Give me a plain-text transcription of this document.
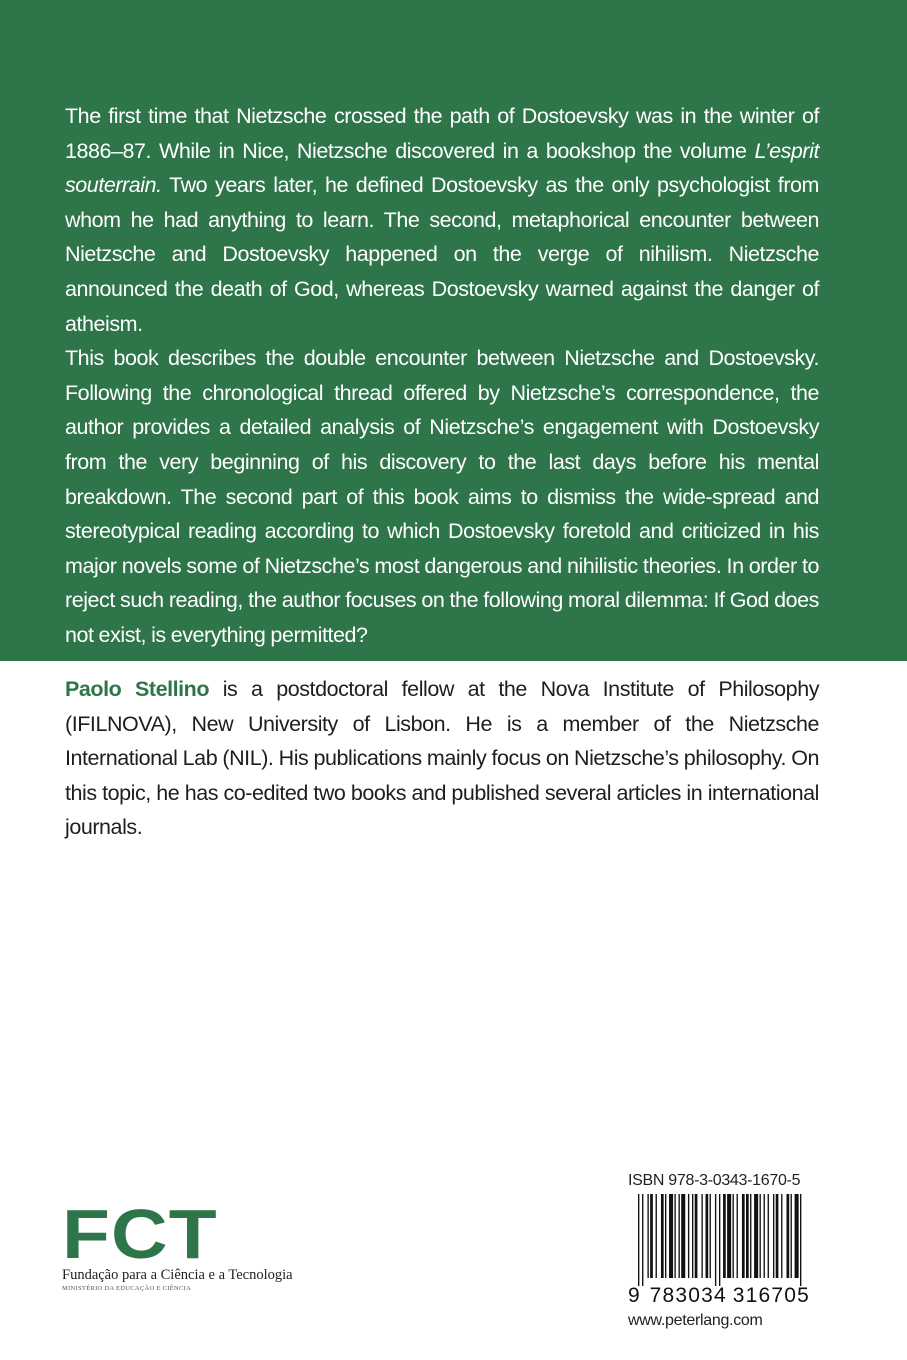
The first time that Nietzsche crossed the path of Dostoevsky was in the winter of 1886–87. While in Nice, Nietzsche discovered in a bookshop the volume L’esprit souterrain. Two years later, he defined Dostoevsky as the only psychologist from whom he had anything to learn. The second, metaphorical encounter between Nietzsche and Dostoevsky happened on the verge of nihilism. Nietzsche announced the death of God, whereas Dostoevsky warned against the danger of atheism.

This book describes the double encounter between Nietzsche and Dostoevsky. Following the chronological thread offered by Nietzsche’s correspondence, the author provides a detailed analysis of Nietzsche’s engagement with Dostoevsky from the very beginning of his discovery to the last days before his mental breakdown. The second part of this book aims to dismiss the wide-spread and stereotypical reading according to which Dostoevsky foretold and criticized in his major novels some of Nietzsche’s most dangerous and nihilistic theories. In order to reject such reading, the author focuses on the following moral dilemma: If God does not exist, is everything permitted?

Paolo Stellino is a postdoctoral fellow at the Nova Institute of Philosophy (IFILNOVA), New University of Lisbon. He is a member of the Nietzsche International Lab (NIL). His publications mainly focus on Nietzsche’s philosophy. On this topic, he has co-edited two books and published several articles in international journals.

FCT
Fundação para a Ciência e a Tecnologia
MINISTÉRIO DA EDUCAÇÃO E CIÊNCIA
ISBN 978-3-0343-1670-5
9 783034 316705
www.peterlang.com
